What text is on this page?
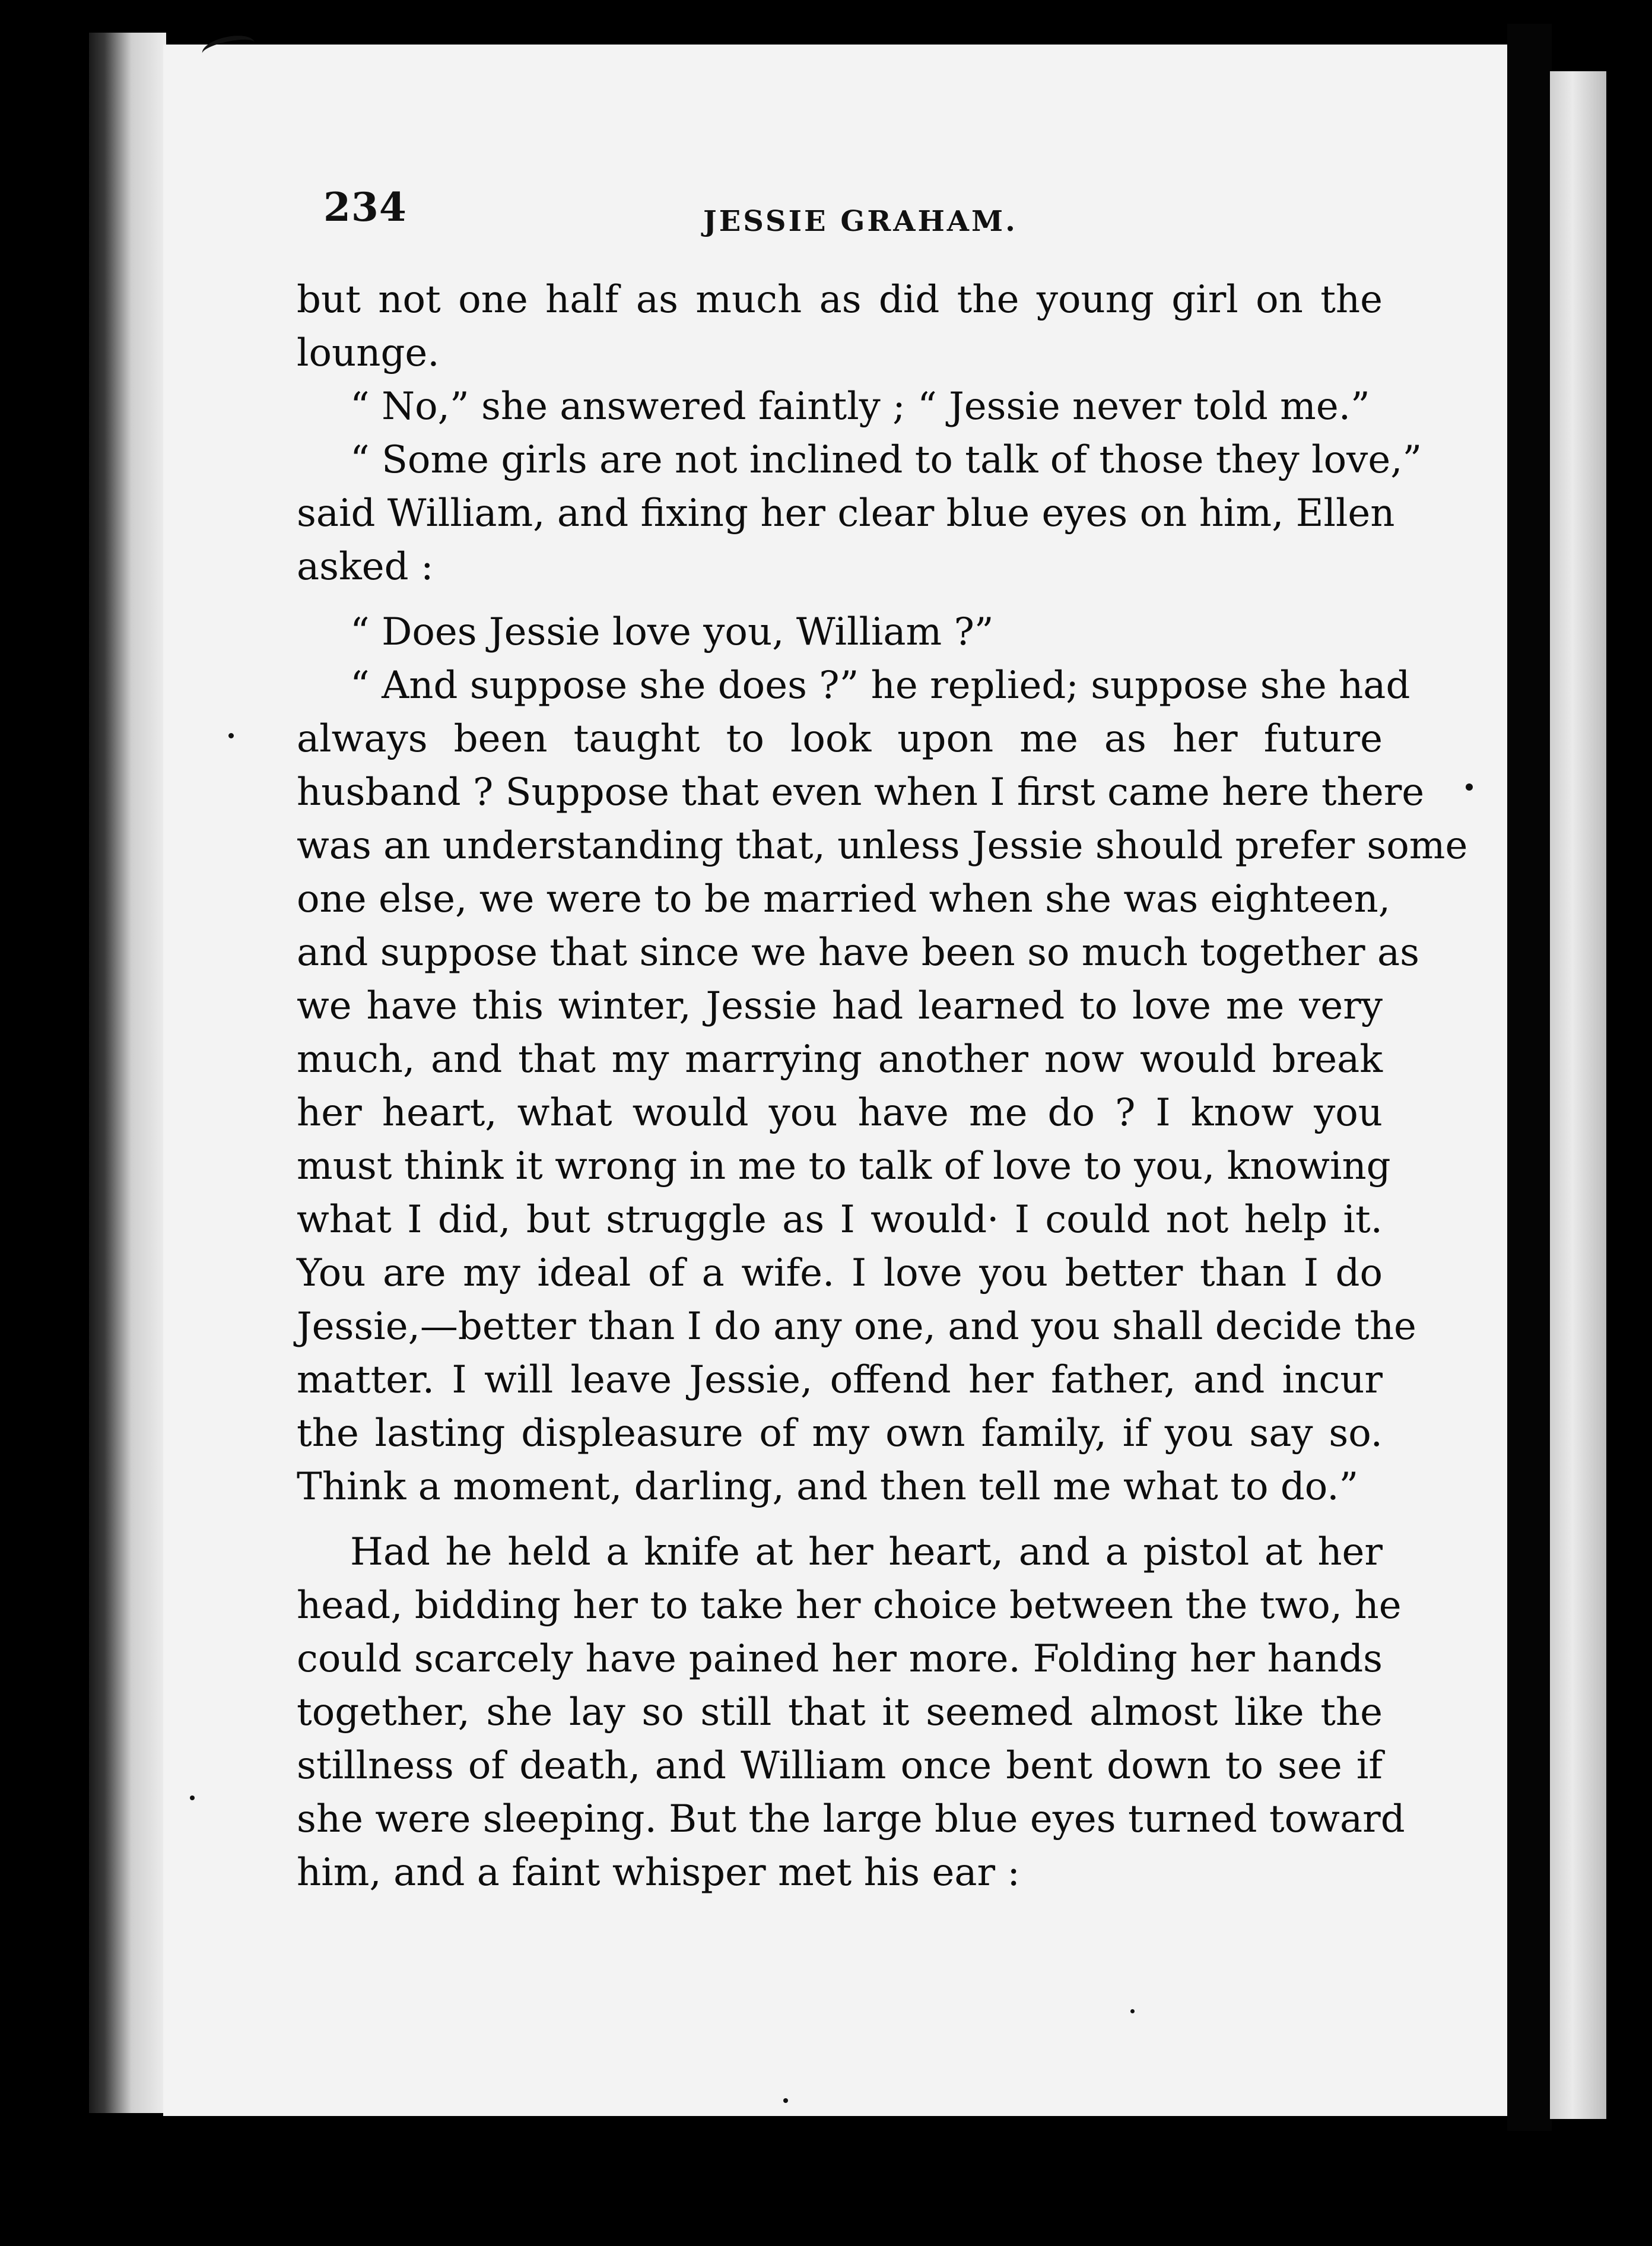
234	JESSIE GRAHAM.
but not one half as much as did the young girl on the
lounge.
“ No,” she answered faintly ; “ Jessie never told me.”
“ Some girls are not inclined to talk of those they love,”
said William, and fixing her clear blue eyes on him, Ellen
asked :
“ Does Jessie love you, William ?”
“ And suppose she does ?” he replied; suppose she had
always been taught to look upon me as her future
husband ? Suppose that even when I first came here there
was an understanding that, unless Jessie should prefer some
one else, we were to be married when she was eighteen,
and suppose that since we have been so much together as
we have this winter, Jessie had learned to love me very
much, and that my marrying another now would break
her heart, what would you have me do ? I know you
must think it wrong in me to talk of love to you, knowing
what I did, but struggle as I would· I could not help it.
You are my ideal of a wife. I love you better than I do
Jessie,—better than I do any one, and you shall decide the
matter. I will leave Jessie, offend her father, and incur
the lasting displeasure of my own family, if you say so.
Think a moment, darling, and then tell me what to do.”
Had he held a knife at her heart, and a pistol at her
head, bidding her to take her choice between the two, he
could scarcely have pained her more. Folding her hands
together, she lay so still that it seemed almost like the
stillness of death, and William once bent down to see if
she were sleeping. But the large blue eyes turned toward
him, and a faint whisper met his ear :
